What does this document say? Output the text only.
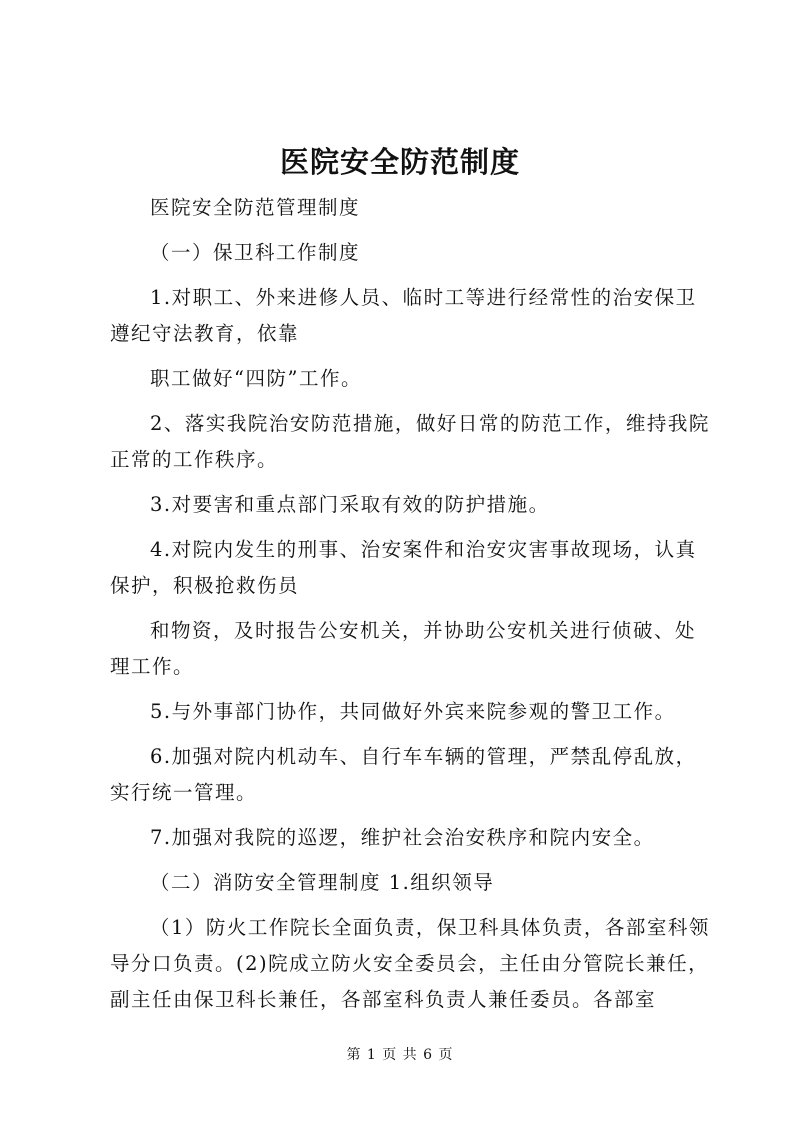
医院安全防范制度

医院安全防范管理制度

（一）保卫科工作制度

1.对职工、外来进修人员、临时工等进行经常性的治安保卫遵纪守法教育，依靠

职工做好“四防”工作。

2、落实我院治安防范措施，做好日常的防范工作，维持我院正常的工作秩序。

3.对要害和重点部门采取有效的防护措施。

4.对院内发生的刑事、治安案件和治安灾害事故现场，认真保护，积极抢救伤员

和物资，及时报告公安机关，并协助公安机关进行侦破、处理工作。

5.与外事部门协作，共同做好外宾来院参观的警卫工作。

6.加强对院内机动车、自行车车辆的管理，严禁乱停乱放，实行统一管理。

7.加强对我院的巡逻，维护社会治安秩序和院内安全。

（二）消防安全管理制度 1.组织领导

（1）防火工作院长全面负责，保卫科具体负责，各部室科领导分口负责。(2)院成立防火安全委员会，主任由分管院长兼任，副主任由保卫科长兼任，各部室科负责人兼任委员。各部室

第 1 页 共 6 页
